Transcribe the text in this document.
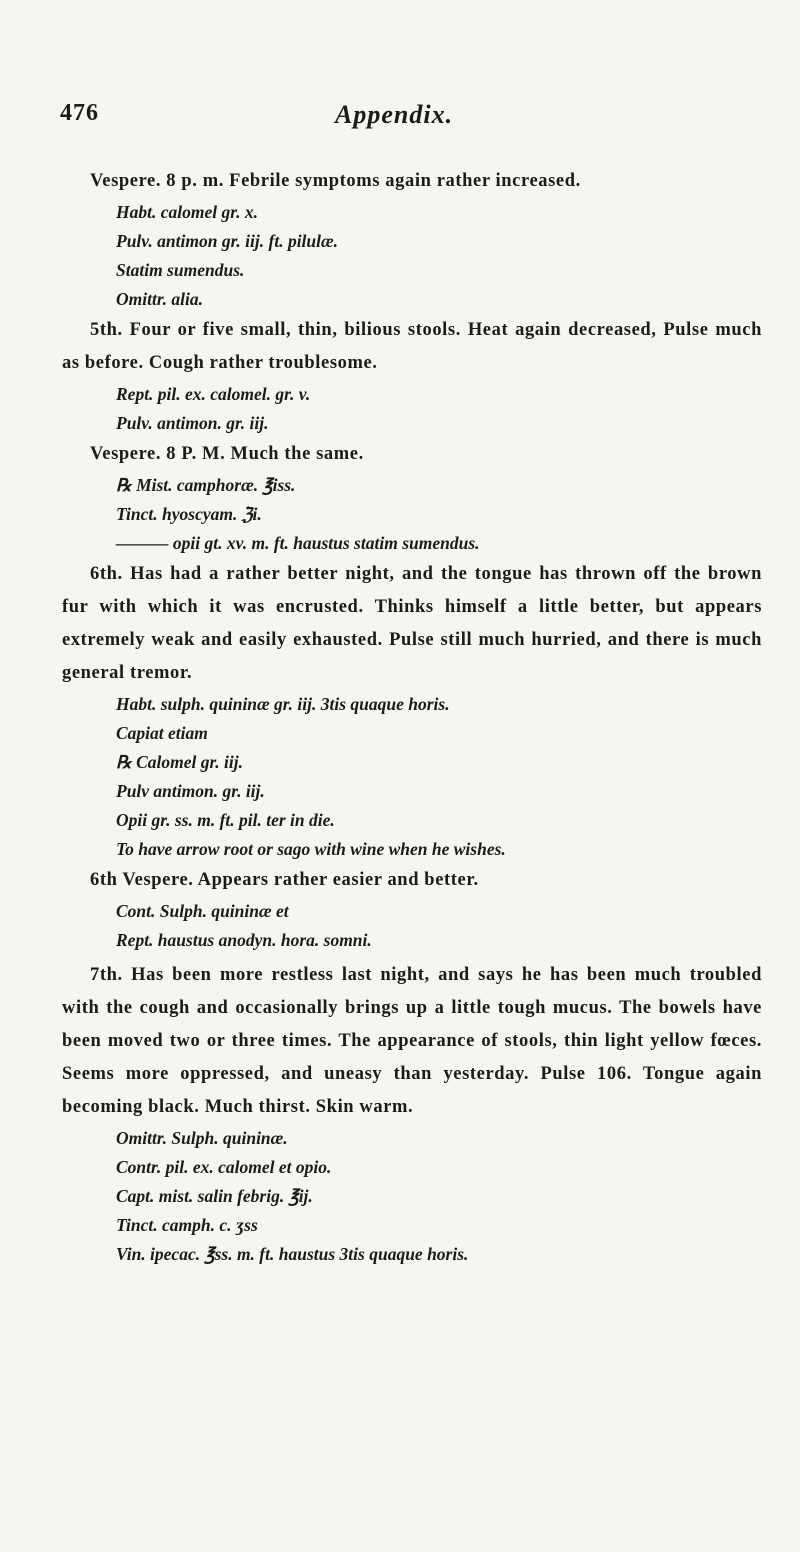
476	Appendix.

Vespere. 8 p. m. Febrile symptoms again rather increased.

Habt. calomel gr. x.

Pulv. antimon gr. iij. ft. pilulæ.

Statim sumendus.

Omittr. alia.

5th. Four or five small, thin, bilious stools. Heat again decreased, Pulse much as before. Cough rather troublesome.

Rept. pil. ex. calomel. gr. v.

Pulv. antimon. gr. iij.

Vespere. 8 P. M. Much the same.

℞ Mist. camphoræ. ℥iss.

Tinct. hyoscyam. ℨi.

——— opii gt. xv. m. ft. haustus statim sumendus.

6th. Has had a rather better night, and the tongue has thrown off the brown fur with which it was encrusted. Thinks himself a little better, but appears extremely weak and easily exhausted. Pulse still much hurried, and there is much general tremor.

Habt. sulph. quininæ gr. iij. 3tis quaque horis.

Capiat etiam

℞ Calomel gr. iij.

Pulv antimon. gr. iij.

Opii gr. ss. m. ft. pil. ter in die.

To have arrow root or sago with wine when he wishes.

6th Vespere. Appears rather easier and better.

Cont. Sulph. quininæ et

Rept. haustus anodyn. hora. somni.

7th. Has been more restless last night, and says he has been much troubled with the cough and occasionally brings up a little tough mucus. The bowels have been moved two or three times. The appearance of stools, thin light yellow fœces. Seems more oppressed, and uneasy than yesterday. Pulse 106. Tongue again becoming black. Much thirst. Skin warm.

Omittr. Sulph. quininæ.

Contr. pil. ex. calomel et opio.

Capt. mist. salin febrig. ℥ij.

Tinct. camph. c. ʒss

Vin. ipecac. ℥ss. m. ft. haustus 3tis quaque horis.
